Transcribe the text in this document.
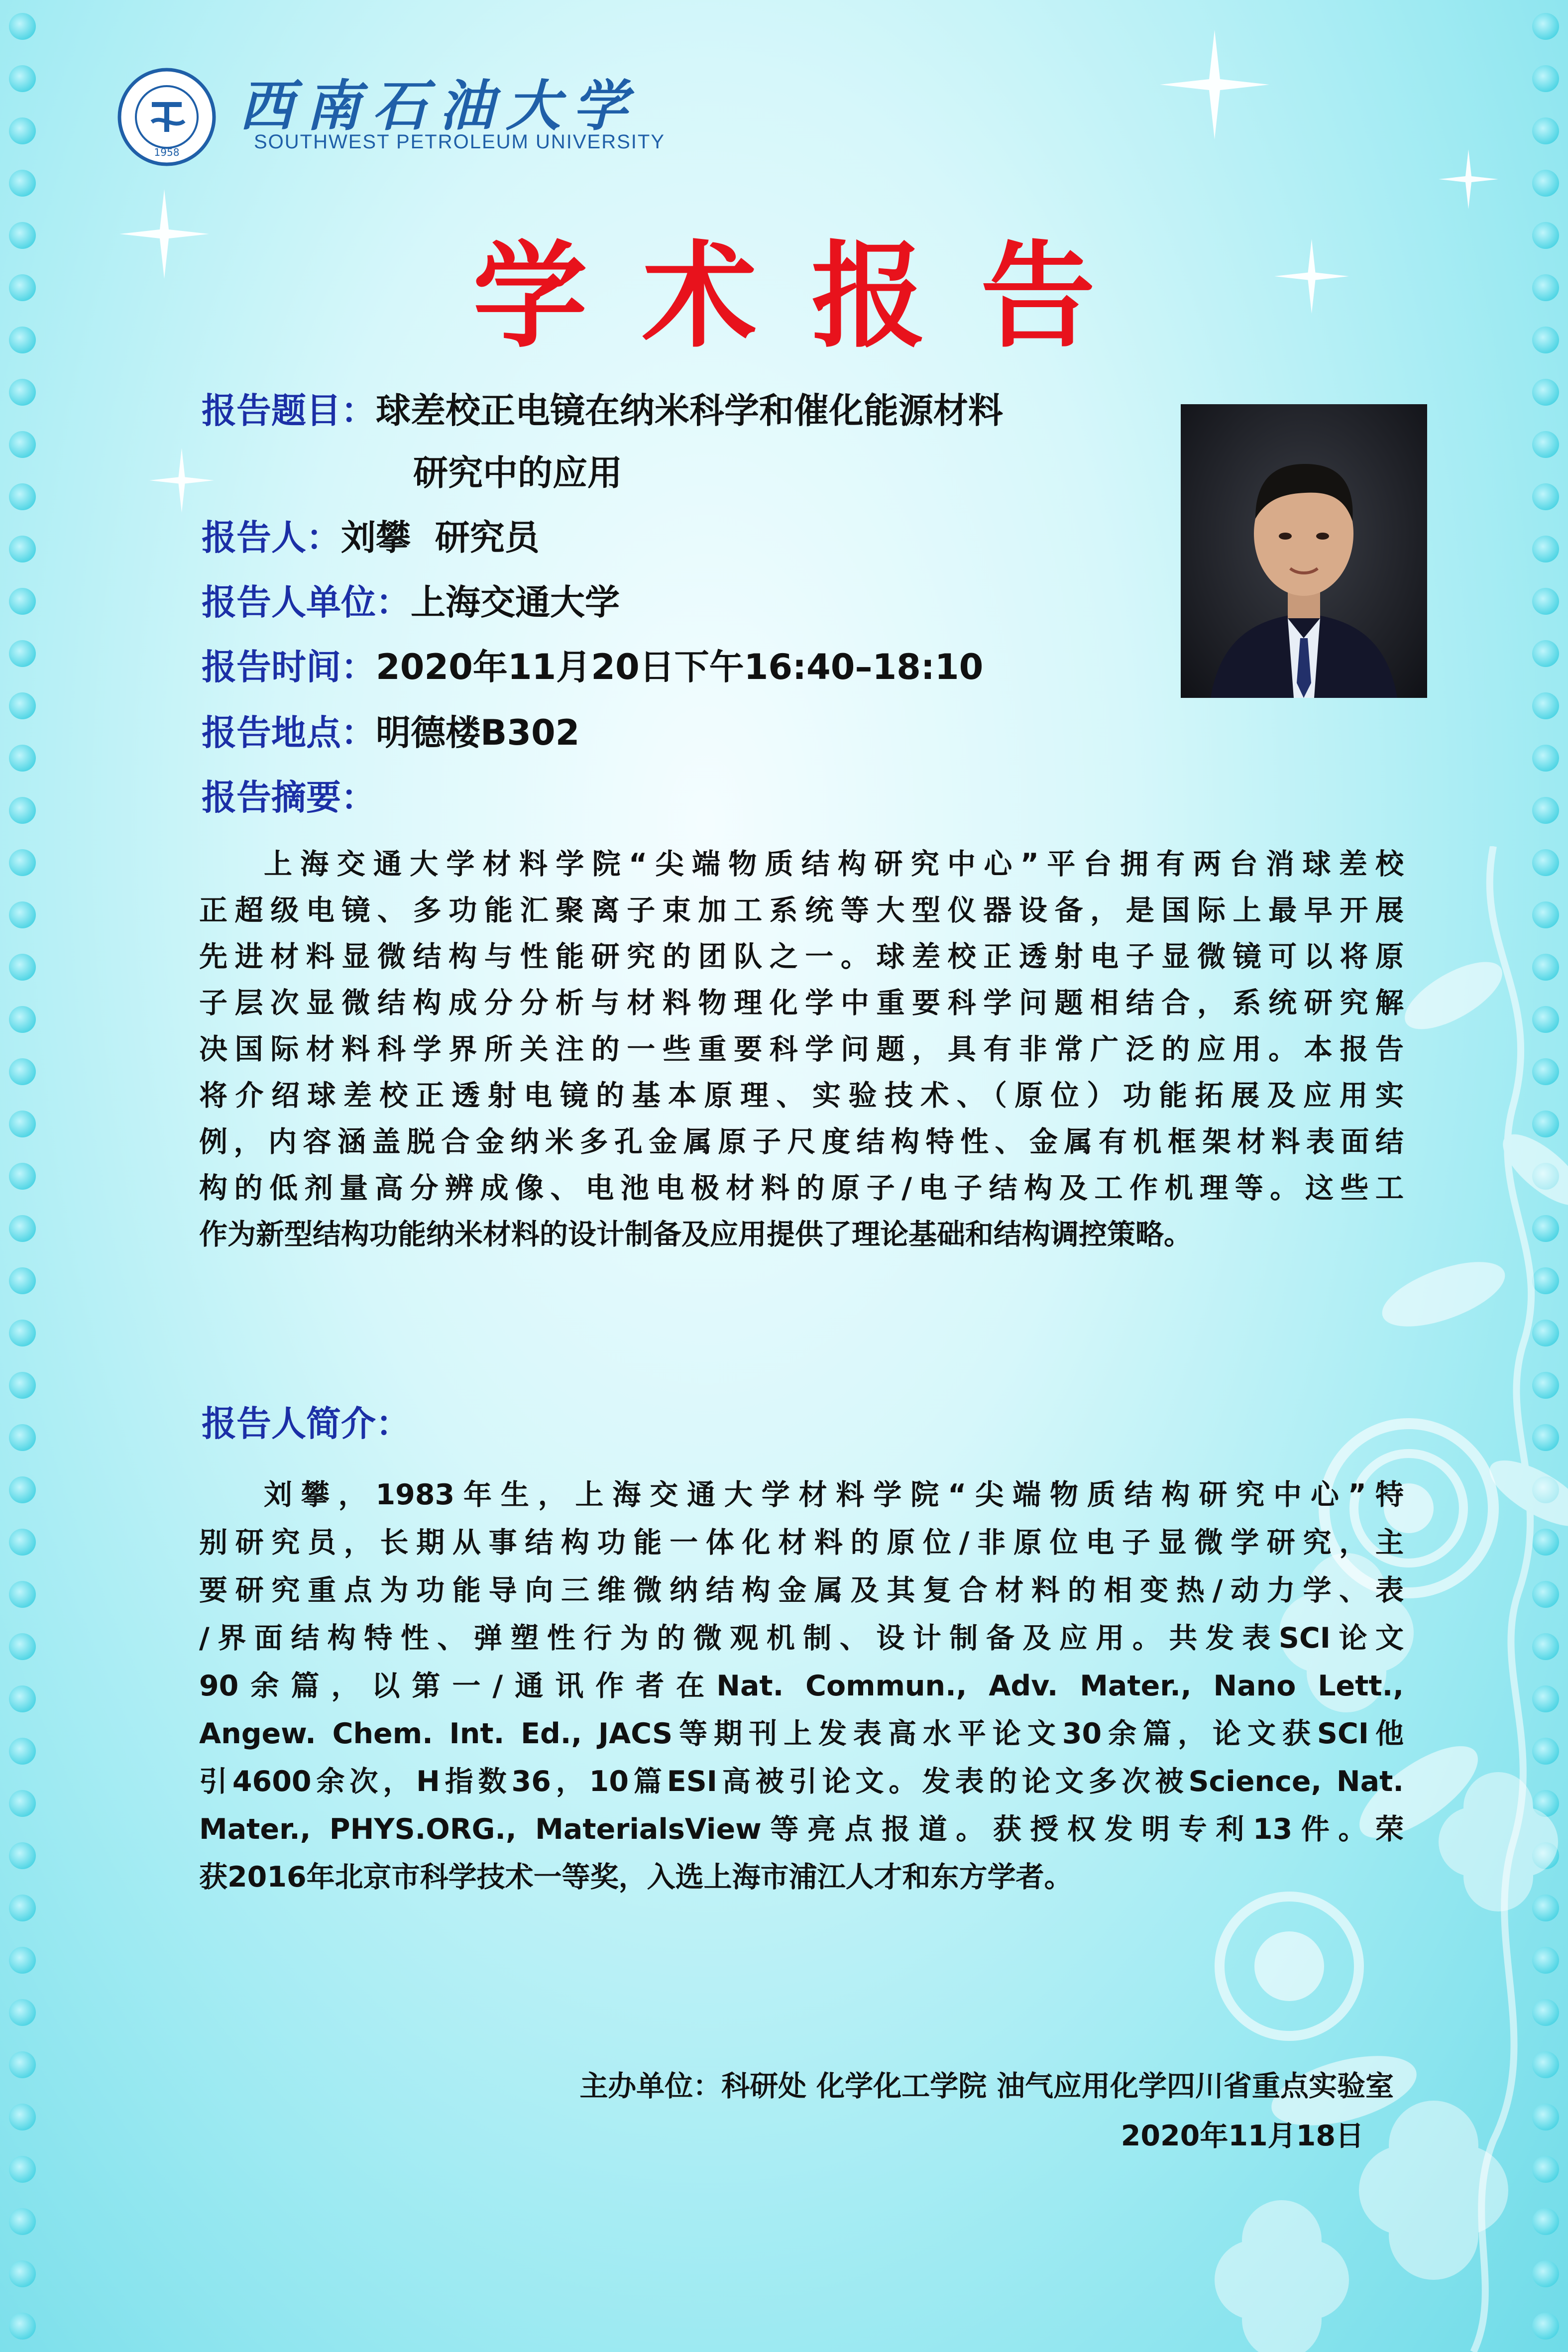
1958
西南石油大学
SOUTHWEST PETROLEUM UNIVERSITY
学术报告
报告题目：球差校正电镜在纳米科学和催化能源材料
研究中的应用
报告人：刘攀  研究员
报告人单位：上海交通大学
报告时间：2020年11月20日下午16:40–18:10
报告地点：明德楼B302
报告摘要：
上海交通大学材料学院“尖端物质结构研究中心”平台拥有两台消球差校
正超级电镜、多功能汇聚离子束加工系统等大型仪器设备，是国际上最早开展
先进材料显微结构与性能研究的团队之一。球差校正透射电子显微镜可以将原
子层次显微结构成分分析与材料物理化学中重要科学问题相结合，系统研究解
决国际材料科学界所关注的一些重要科学问题，具有非常广泛的应用。本报告
将介绍球差校正透射电镜的基本原理、实验技术、（原位）功能拓展及应用实
例，内容涵盖脱合金纳米多孔金属原子尺度结构特性、金属有机框架材料表面结
构的低剂量高分辨成像、电池电极材料的原子/电子结构及工作机理等。这些工
作为新型结构功能纳米材料的设计制备及应用提供了理论基础和结构调控策略。
报告人简介：
刘攀，1983年生，上海交通大学材料学院“尖端物质结构研究中心”特
别研究员，长期从事结构功能一体化材料的原位/非原位电子显微学研究，主
要研究重点为功能导向三维微纳结构金属及其复合材料的相变热/动力学、表
/界面结构特性、弹塑性行为的微观机制、设计制备及应用。共发表SCI论文
90余篇，以第一/通讯作者在Nat. Commun., Adv. Mater., Nano Lett.,
Angew. Chem. Int. Ed., JACS等期刊上发表高水平论文30余篇，论文获SCI他
引4600余次，H指数36，10篇ESI高被引论文。发表的论文多次被Science, Nat.
Mater., PHYS.ORG., MaterialsView等亮点报道。获授权发明专利13件。荣
获2016年北京市科学技术一等奖，入选上海市浦江人才和东方学者。
主办单位：科研处 化学化工学院 油气应用化学四川省重点实验室
2020年11月18日
